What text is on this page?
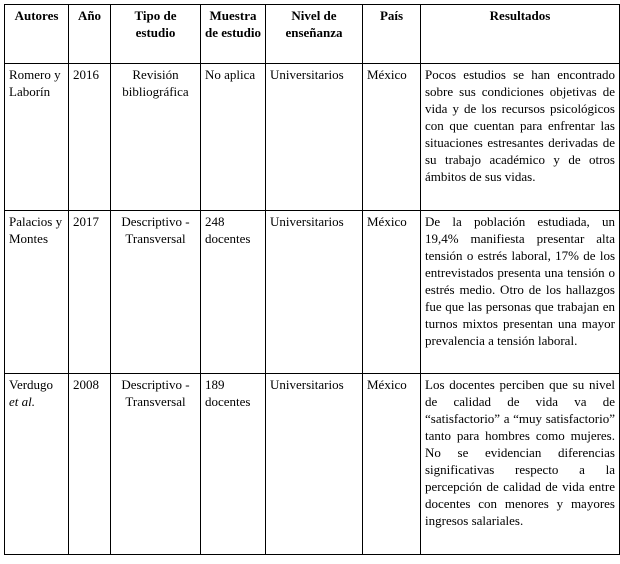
Autores	Año	Tipo de estudio	Muestra de estudio	Nivel de enseñanza	País	Resultados
Romero y Laborín	2016	Revisión bibliográfica	No aplica	Universitarios	México	Pocos estudios se han encontrado sobre sus condiciones objetivas de vida y de los recursos psicológicos con que cuentan para enfrentar las situaciones estresantes derivadas de su trabajo académico y de otros ámbitos de sus vidas.
Palacios y Montes	2017	Descriptivo - Transversal	248 docentes	Universitarios	México	De la población estudiada, un 19,4% manifiesta presentar alta tensión o estrés laboral, 17% de los entrevistados presenta una tensión o estrés medio. Otro de los hallazgos fue que las personas que trabajan en turnos mixtos presentan una mayor prevalencia a tensión laboral.
Verdugo et al.	2008	Descriptivo - Transversal	189 docentes	Universitarios	México	Los docentes perciben que su nivel de calidad de vida va de “satisfactorio” a “muy satisfactorio” tanto para hombres como mujeres. No se evidencian diferencias significativas respecto a la percepción de calidad de vida entre docentes con menores y mayores ingresos salariales.
